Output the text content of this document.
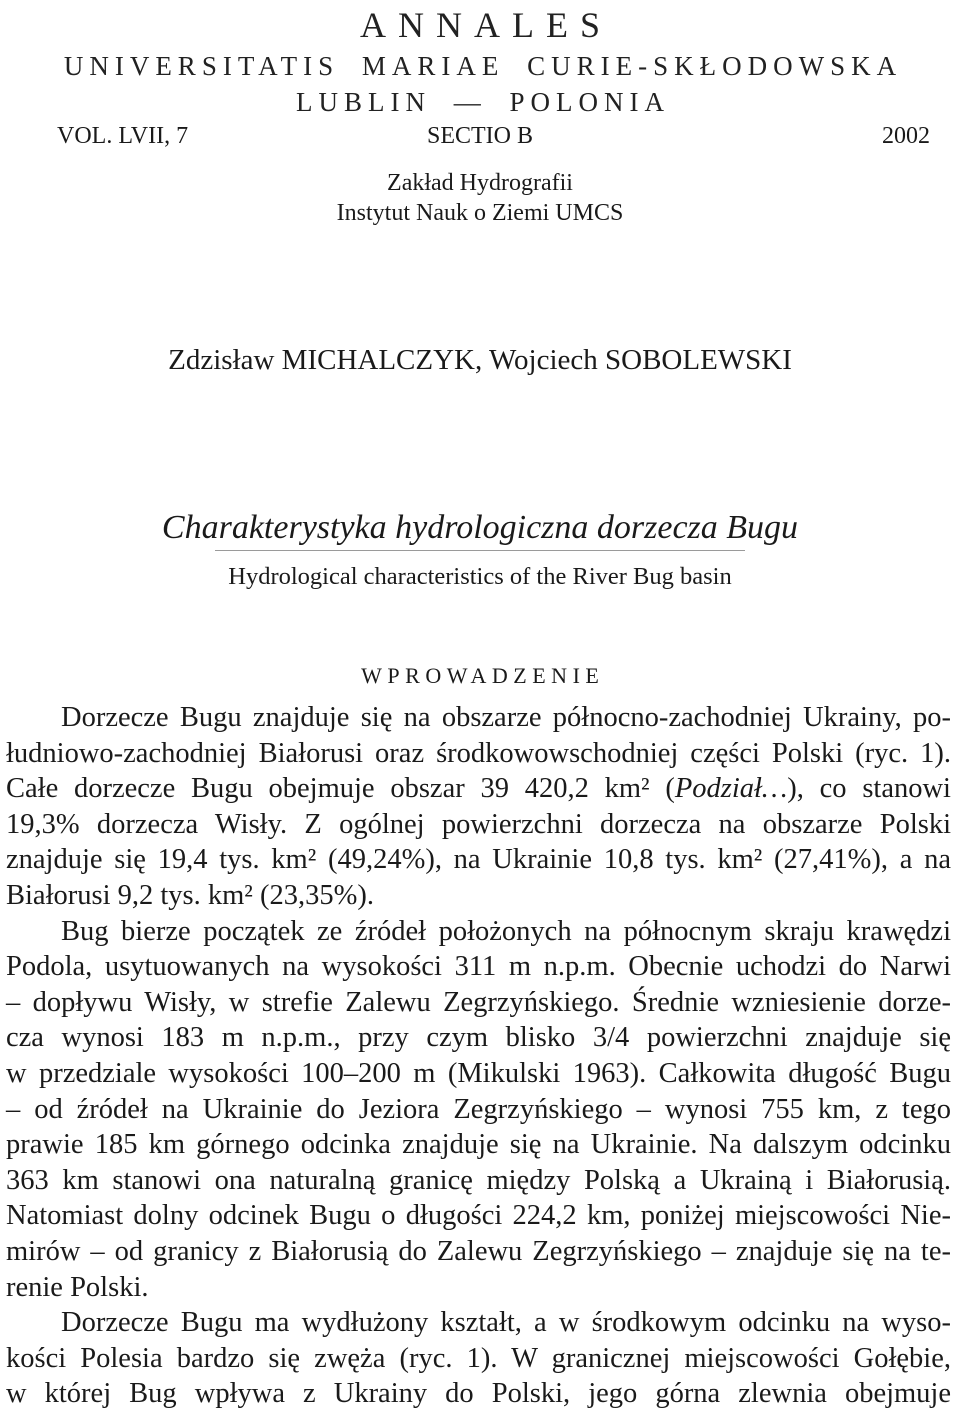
ANNALES
UNIVERSITATIS MARIAE CURIE-SKŁODOWSKA
LUBLIN — POLONIA
VOL. LVII, 7	SECTIO B	2002
Zakład Hydrografii
Instytut Nauk o Ziemi UMCS
Zdzisław MICHALCZYK, Wojciech SOBOLEWSKI
Charakterystyka hydrologiczna dorzecza Bugu
Hydrological characteristics of the River Bug basin
WPROWADZENIE
Dorzecze Bugu znajduje się na obszarze północno-zachodniej Ukrainy, po-
łudniowo-zachodniej Białorusi oraz środkowowschodniej części Polski (ryc. 1).
Całe dorzecze Bugu obejmuje obszar 39 420,2 km² (Podział…), co stanowi
19,3% dorzecza Wisły. Z ogólnej powierzchni dorzecza na obszarze Polski
znajduje się 19,4 tys. km² (49,24%), na Ukrainie 10,8 tys. km² (27,41%), a na
Białorusi 9,2 tys. km² (23,35%).
Bug bierze początek ze źródeł położonych na północnym skraju krawędzi
Podola, usytuowanych na wysokości 311 m n.p.m. Obecnie uchodzi do Narwi
– dopływu Wisły, w strefie Zalewu Zegrzyńskiego. Średnie wzniesienie dorze-
cza wynosi 183 m n.p.m., przy czym blisko 3/4 powierzchni znajduje się
w przedziale wysokości 100–200 m (Mikulski 1963). Całkowita długość Bugu
– od źródeł na Ukrainie do Jeziora Zegrzyńskiego – wynosi 755 km, z tego
prawie 185 km górnego odcinka znajduje się na Ukrainie. Na dalszym odcinku
363 km stanowi ona naturalną granicę między Polską a Ukrainą i Białorusią.
Natomiast dolny odcinek Bugu o długości 224,2 km, poniżej miejscowości Nie-
mirów – od granicy z Białorusią do Zalewu Zegrzyńskiego – znajduje się na te-
renie Polski.
Dorzecze Bugu ma wydłużony kształt, a w środkowym odcinku na wyso-
kości Polesia bardzo się zwęża (ryc. 1). W granicznej miejscowości Gołębie,
w której Bug wpływa z Ukrainy do Polski, jego górna zlewnia obejmuje
